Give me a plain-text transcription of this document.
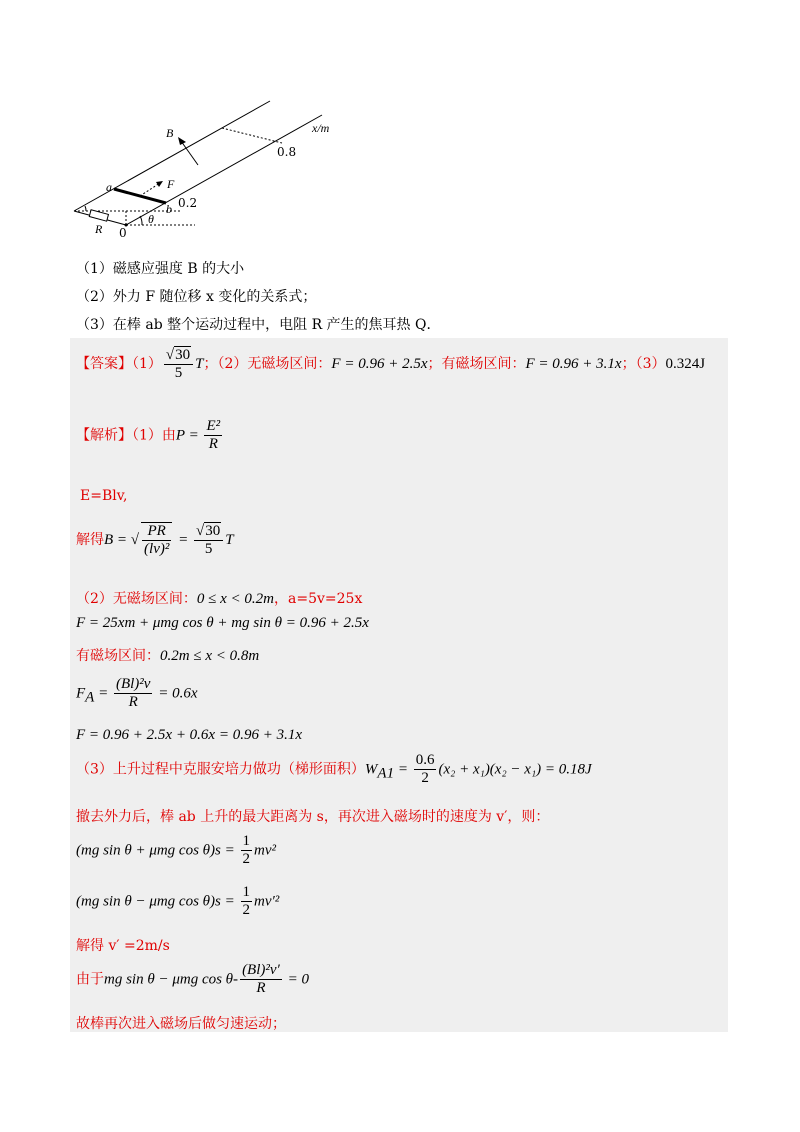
B	x/m
0.8
a	F
0.2
b
θ
R 0
（1）磁感应强度 B 的大小
（2）外力 F 随位移 x 变化的关系式；
（3）在棒 ab 整个运动过程中，电阻 R 产生的焦耳热 Q．
【答案】$(1) \frac{√30}{5}$ T；（2）无磁场区间：F = 0.96 + 2.5x；有磁场区间：F = 0.96 + 3.1x；（3）0.324J
【解析】（1）由$P = \frac{\text{E²}}{R}$
E=Blv,
解得B = √ $\frac{PR}{\text{(lv)²}} = \frac{√30}{5}$ T
（2）无磁场区间：0 ≤ x < 0.2m，a=5v=25x
F = 25xm + μmg cos θ + mg sin θ = 0.96 + 2.5x
有磁场区间：0.2m ≤ x < 0.8m
$F_A = \frac{\text{(Bl)²v}}{R} = 0.6x$
F = 0.96 + 2.5x + 0.6x = 0.96 + 3.1x
（3）上升过程中克服安培力做功（梯形面积）$W_{A1} = \frac{0.6}{2} (x_2 + x_1)(x_2 - x_1) = 0.18J$
撤去外力后，棒 ab 上升的最大距离为 s，再次进入磁场时的速度为 v′，则：
(mg sin θ + μmg $\cos \theta)s = \frac{1}{2} mv^2$
(mg sin θ − μmg $\cos \theta)s = \frac{1}{2} mv'^2$
解得 v′ =2m/s
由于mg sin θ − μmg $\cos \theta- \frac{\text{(Bl)²v′}}{R} = 0$
故棒再次进入磁场后做匀速运动；
